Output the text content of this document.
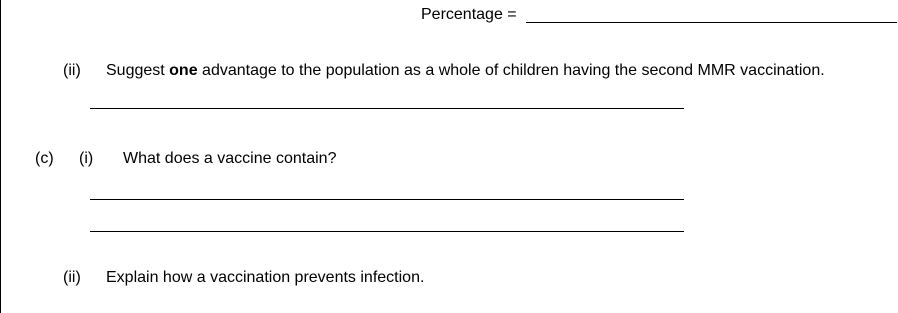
Percentage =
(ii) Suggest one advantage to the population as a whole of children having the second MMR vaccination.
(c) (i) What does a vaccine contain?
(ii) Explain how a vaccination prevents infection.
